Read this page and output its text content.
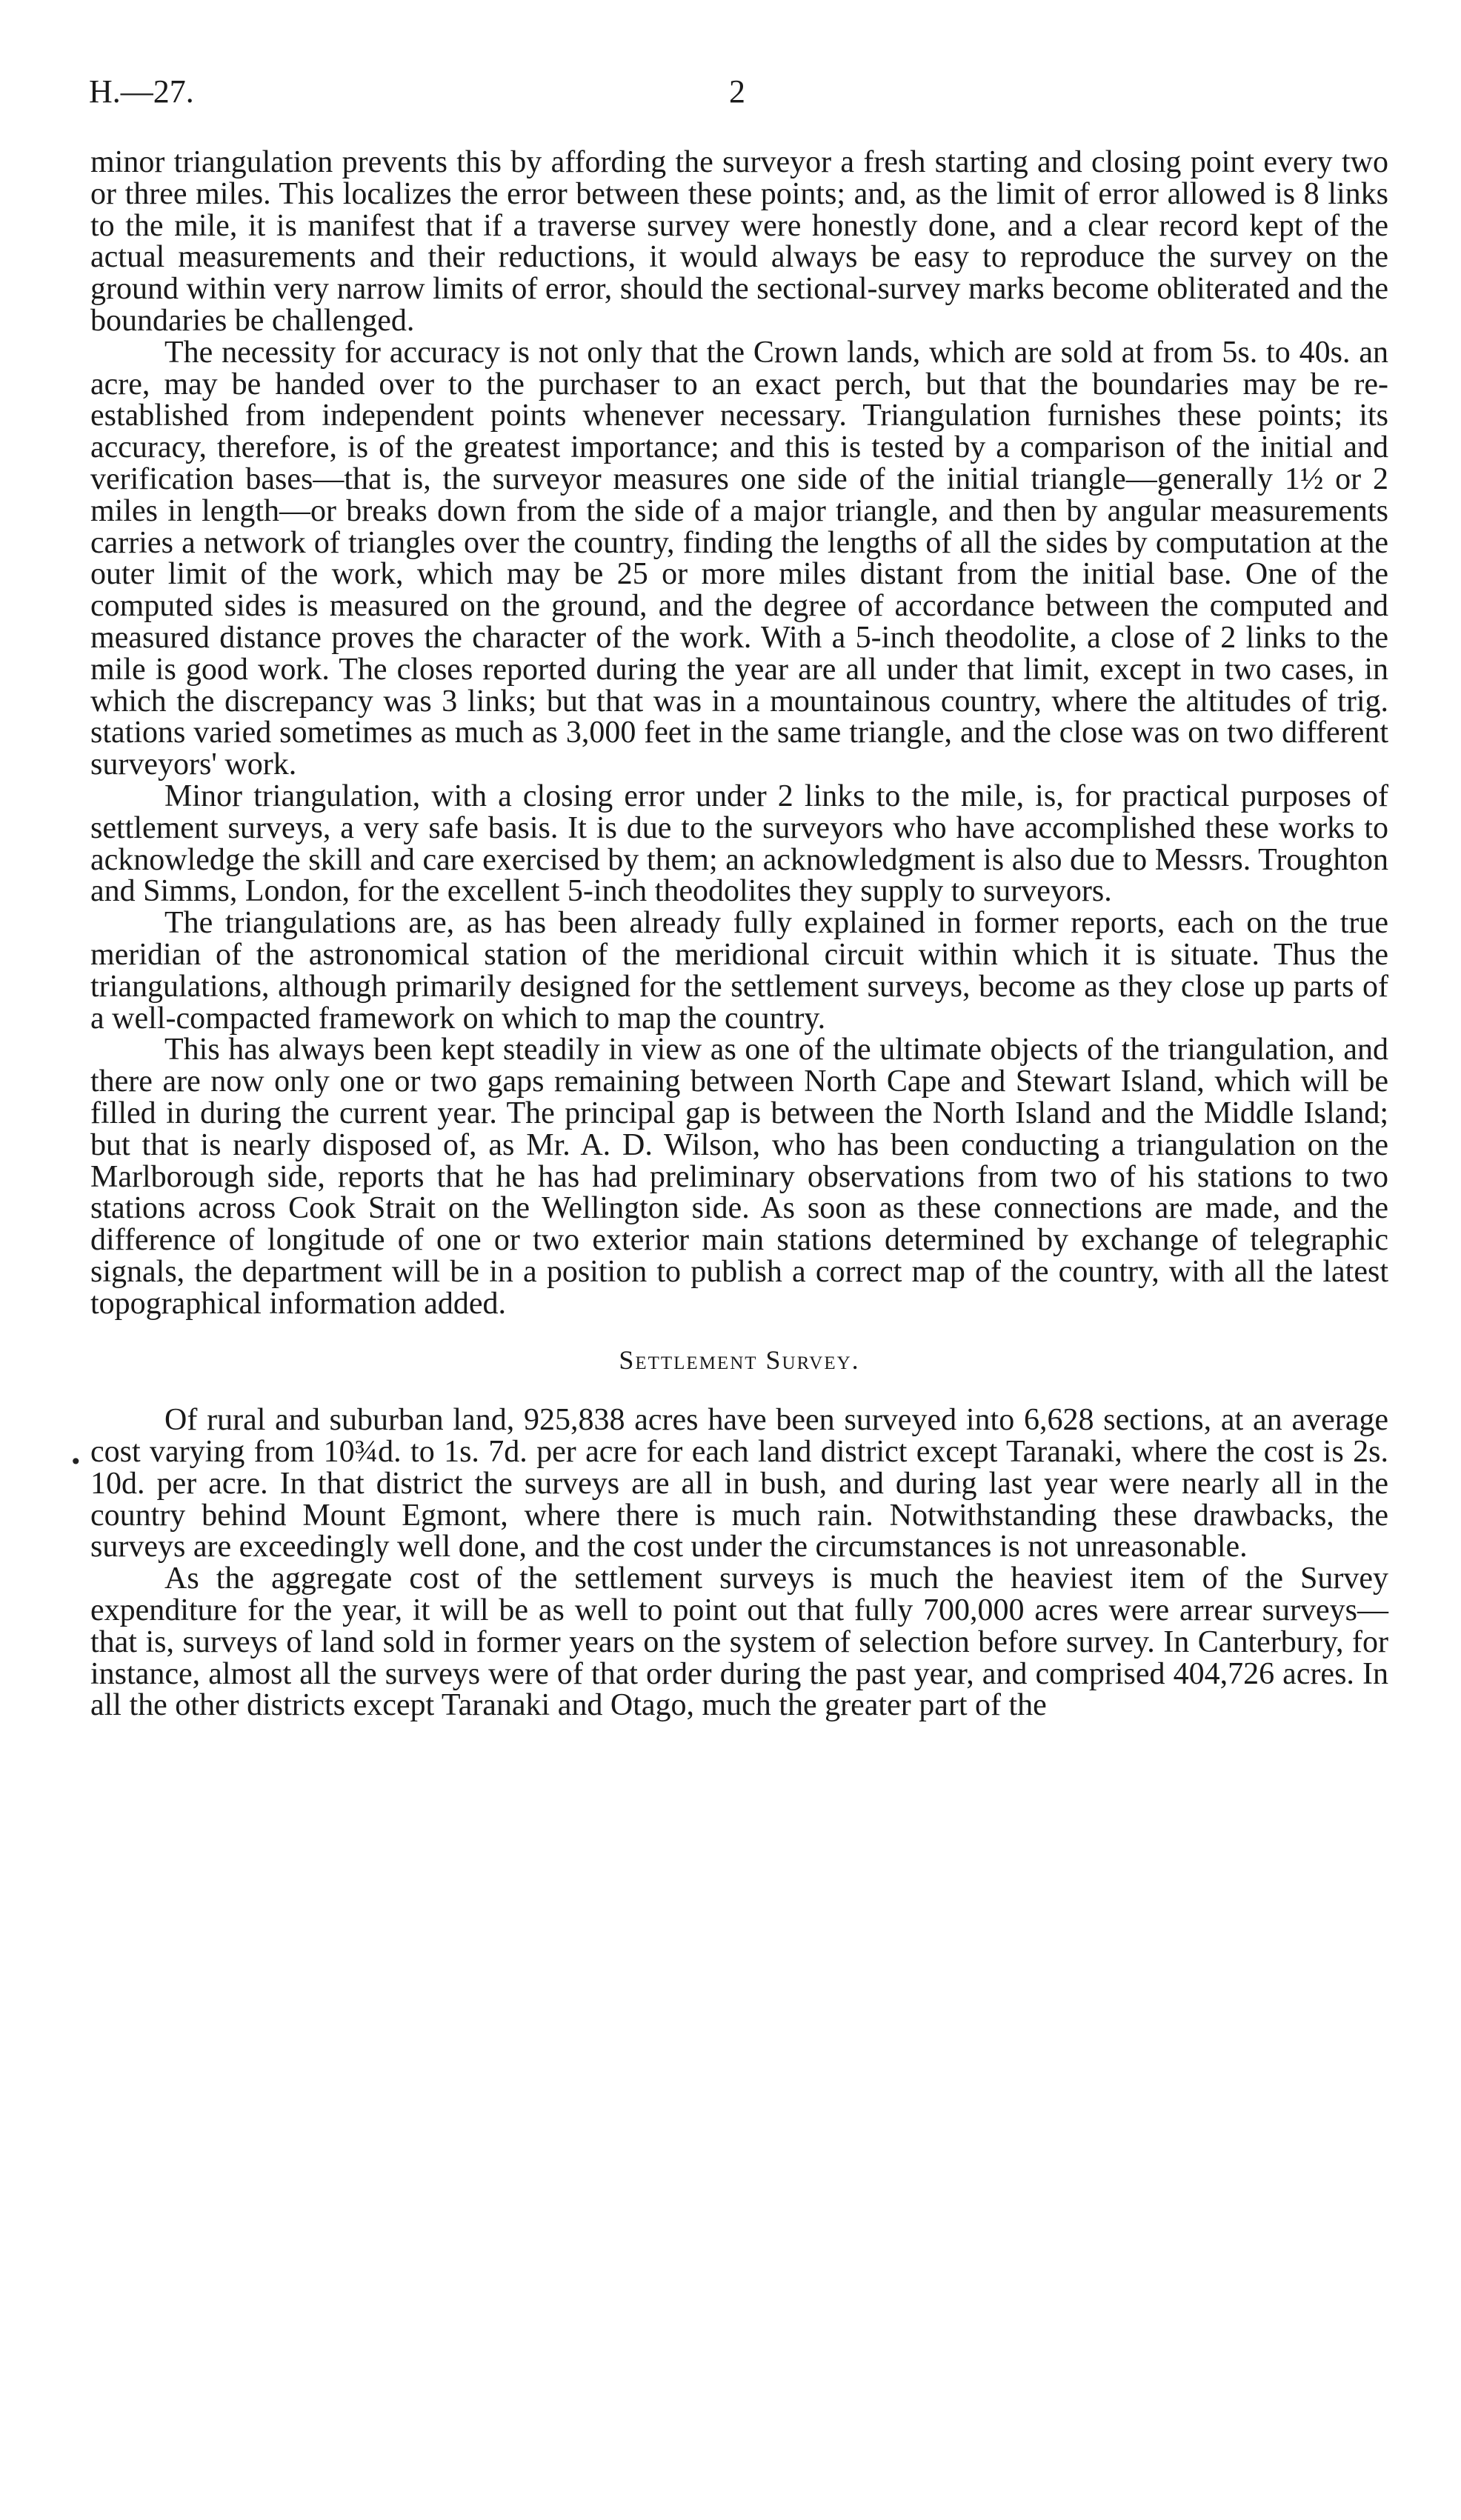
H.—27.	2
•

minor triangulation prevents this by affording the surveyor a fresh starting and closing point every two or three miles. This localizes the error between these points; and, as the limit of error allowed is 8 links to the mile, it is manifest that if a traverse survey were honestly done, and a clear record kept of the actual measurements and their reductions, it would always be easy to reproduce the survey on the ground within very narrow limits of error, should the sectional-survey marks become obliterated and the boundaries be challenged.

The necessity for accuracy is not only that the Crown lands, which are sold at from 5s. to 40s. an acre, may be handed over to the purchaser to an exact perch, but that the boundaries may be re-established from independent points whenever necessary. Triangulation furnishes these points; its accuracy, therefore, is of the greatest importance; and this is tested by a comparison of the initial and verification bases—that is, the surveyor measures one side of the initial triangle—generally 1½ or 2 miles in length—or breaks down from the side of a major triangle, and then by angular measurements carries a network of triangles over the country, finding the lengths of all the sides by computation at the outer limit of the work, which may be 25 or more miles distant from the initial base. One of the computed sides is measured on the ground, and the degree of accordance between the computed and measured distance proves the character of the work. With a 5-inch theodolite, a close of 2 links to the mile is good work. The closes reported during the year are all under that limit, except in two cases, in which the discrepancy was 3 links; but that was in a mountainous country, where the altitudes of trig. stations varied sometimes as much as 3,000 feet in the same triangle, and the close was on two different surveyors' work.

Minor triangulation, with a closing error under 2 links to the mile, is, for practical purposes of settlement surveys, a very safe basis. It is due to the surveyors who have accomplished these works to acknowledge the skill and care exercised by them; an acknowledgment is also due to Messrs. Troughton and Simms, London, for the excellent 5-inch theodolites they supply to surveyors.

The triangulations are, as has been already fully explained in former reports, each on the true meridian of the astronomical station of the meridional circuit within which it is situate. Thus the triangulations, although primarily designed for the settlement surveys, become as they close up parts of a well-compacted framework on which to map the country.

This has always been kept steadily in view as one of the ultimate objects of the triangulation, and there are now only one or two gaps remaining between North Cape and Stewart Island, which will be filled in during the current year. The principal gap is between the North Island and the Middle Island; but that is nearly disposed of, as Mr. A. D. Wilson, who has been conducting a triangulation on the Marlborough side, reports that he has had preliminary observations from two of his stations to two stations across Cook Strait on the Wellington side. As soon as these connections are made, and the difference of longitude of one or two exterior main stations determined by exchange of telegraphic signals, the department will be in a position to publish a correct map of the country, with all the latest topographical information added.

Settlement Survey.

Of rural and suburban land, 925,838 acres have been surveyed into 6,628 sections, at an average cost varying from 10¾d. to 1s. 7d. per acre for each land district except Taranaki, where the cost is 2s. 10d. per acre. In that district the surveys are all in bush, and during last year were nearly all in the country behind Mount Egmont, where there is much rain. Notwithstanding these drawbacks, the surveys are exceedingly well done, and the cost under the circumstances is not unreasonable.

As the aggregate cost of the settlement surveys is much the heaviest item of the Survey expenditure for the year, it will be as well to point out that fully 700,000 acres were arrear surveys—that is, surveys of land sold in former years on the system of selection before survey. In Canterbury, for instance, almost all the surveys were of that order during the past year, and comprised 404,726 acres. In all the other districts except Taranaki and Otago, much the greater part of the
